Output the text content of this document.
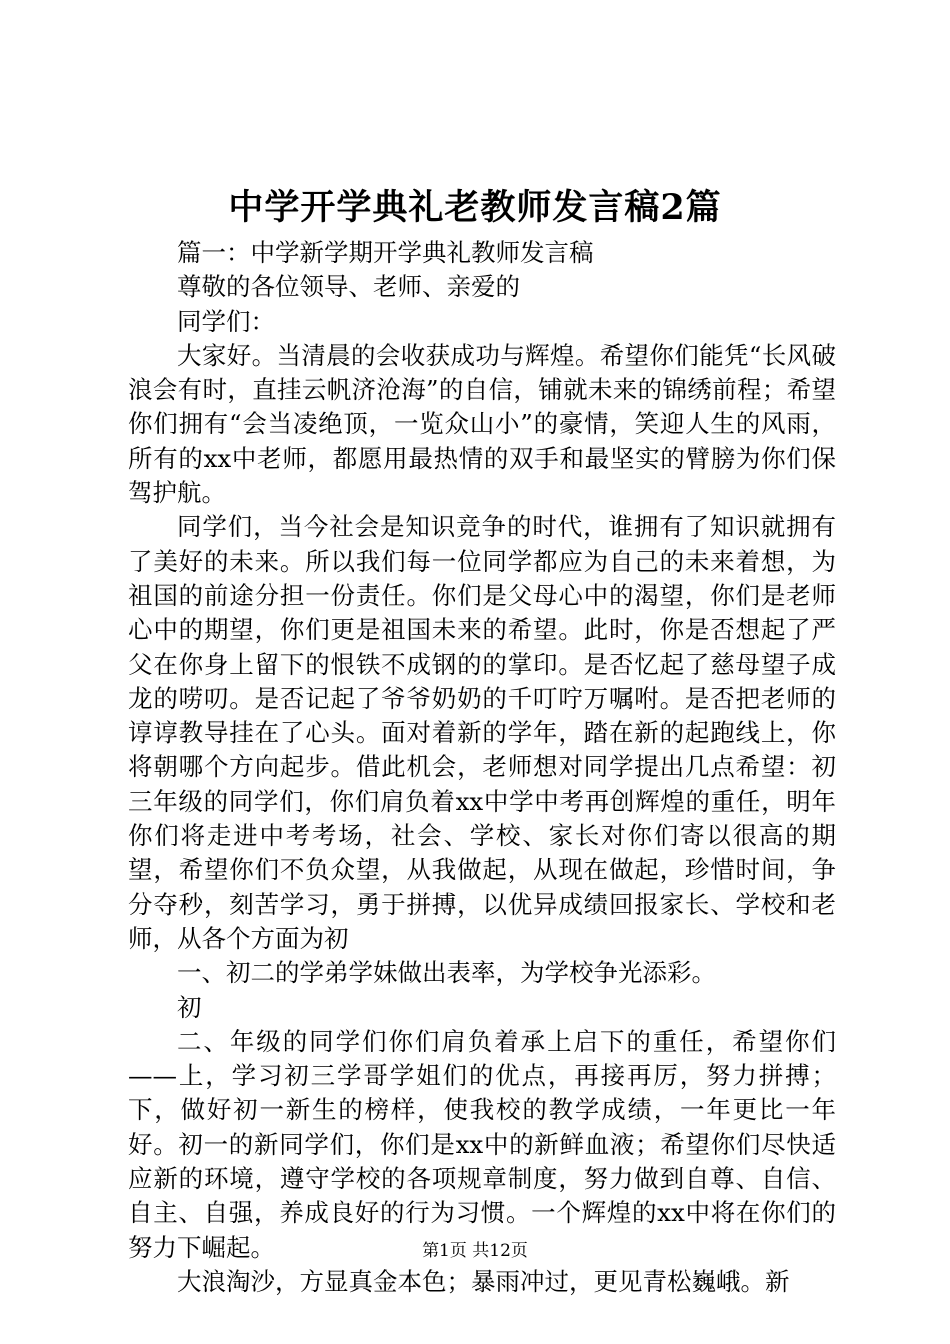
中学开学典礼老教师发言稿2篇

篇一：中学新学期开学典礼教师发言稿

尊敬的各位领导、老师、亲爱的

同学们：

大家好。当清晨的会收获成功与辉煌。希望你们能凭“长风破浪会有时，直挂云帆济沧海”的自信，铺就未来的锦绣前程；希望你们拥有“会当凌绝顶，一览众山小”的豪情，笑迎人生的风雨，所有的xx中老师，都愿用最热情的双手和最坚实的臂膀为你们保驾护航。

同学们，当今社会是知识竞争的时代，谁拥有了知识就拥有了美好的未来。所以我们每一位同学都应为自己的未来着想，为祖国的前途分担一份责任。你们是父母心中的渴望，你们是老师心中的期望，你们更是祖国未来的希望。此时，你是否想起了严父在你身上留下的恨铁不成钢的的掌印。是否忆起了慈母望子成龙的唠叨。是否记起了爷爷奶奶的千叮咛万嘱咐。是否把老师的谆谆教导挂在了心头。面对着新的学年，踏在新的起跑线上，你将朝哪个方向起步。借此机会，老师想对同学提出几点希望：初三年级的同学们，你们肩负着xx中学中考再创辉煌的重任，明年你们将走进中考考场，社会、学校、家长对你们寄以很高的期望，希望你们不负众望，从我做起，从现在做起，珍惜时间，争分夺秒，刻苦学习，勇于拼搏，以优异成绩回报家长、学校和老师，从各个方面为初

一、初二的学弟学妹做出表率，为学校争光添彩。

初

二、年级的同学们你们肩负着承上启下的重任，希望你们——上，学习初三学哥学姐们的优点，再接再厉，努力拼搏；下，做好初一新生的榜样，使我校的教学成绩，一年更比一年好。初一的新同学们，你们是xx中的新鲜血液；希望你们尽快适应新的环境，遵守学校的各项规章制度，努力做到自尊、自信、自主、自强，养成良好的行为习惯。一个辉煌的xx中将在你们的努力下崛起。

大浪淘沙，方显真金本色；暴雨冲过，更见青松巍峨。新

第1页 共12页
